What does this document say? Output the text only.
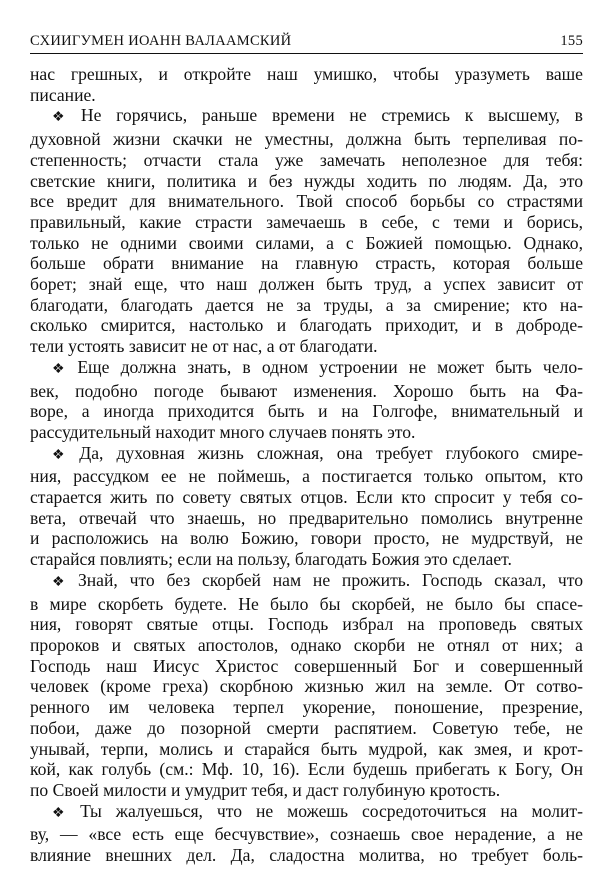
СХИИГУМЕН ИОАНН ВАЛААМСКИЙ	155
нас грешных, и откройте наш умишко, чтобы уразуметь ваше
писание.
❖ Не горячись, раньше времени не стремись к высшему, в
духовной жизни скачки не уместны, должна быть терпеливая по-
степенность; отчасти стала уже замечать неполезное для тебя:
светские книги, политика и без нужды ходить по людям. Да, это
все вредит для внимательного. Твой способ борьбы со страстями
правильный, какие страсти замечаешь в себе, с теми и борись,
только не одними своими силами, а с Божией помощью. Однако,
больше обрати внимание на главную страсть, которая больше
борет; знай еще, что наш должен быть труд, а успех зависит от
благодати, благодать дается не за труды, а за смирение; кто на-
сколько смирится, настолько и благодать приходит, и в доброде-
тели устоять зависит не от нас, а от благодати.
❖ Еще должна знать, в одном устроении не может быть чело-
век, подобно погоде бывают изменения. Хорошо быть на Фа-
воре, а иногда приходится быть и на Голгофе, внимательный и
рассудительный находит много случаев понять это.
❖ Да, духовная жизнь сложная, она требует глубокого смире-
ния, рассудком ее не поймешь, а постигается только опытом, кто
старается жить по совету святых отцов. Если кто спросит у тебя со-
вета, отвечай что знаешь, но предварительно помолись внутренне
и расположись на волю Божию, говори просто, не мудрствуй, не
старайся повлиять; если на пользу, благодать Божия это сделает.
❖ Знай, что без скорбей нам не прожить. Господь сказал, что
в мире скорбеть будете. Не было бы скорбей, не было бы спасе-
ния, говорят святые отцы. Господь избрал на проповедь святых
пророков и святых апостолов, однако скорби не отнял от них; а
Господь наш Иисус Христос совершенный Бог и совершенный
человек (кроме греха) скорбною жизнью жил на земле. От сотво-
ренного им человека терпел укорение, поношение, презрение,
побои, даже до позорной смерти распятием. Советую тебе, не
унывай, терпи, молись и старайся быть мудрой, как змея, и крот-
кой, как голубь (см.: Мф. 10, 16). Если будешь прибегать к Богу, Он
по Своей милости и умудрит тебя, и даст голубиную кротость.
❖ Ты жалуешься, что не можешь сосредоточиться на молит-
ву, — «все есть еще бесчувствие», сознаешь свое нерадение, а не
влияние внешних дел. Да, сладостна молитва, но требует боль-
